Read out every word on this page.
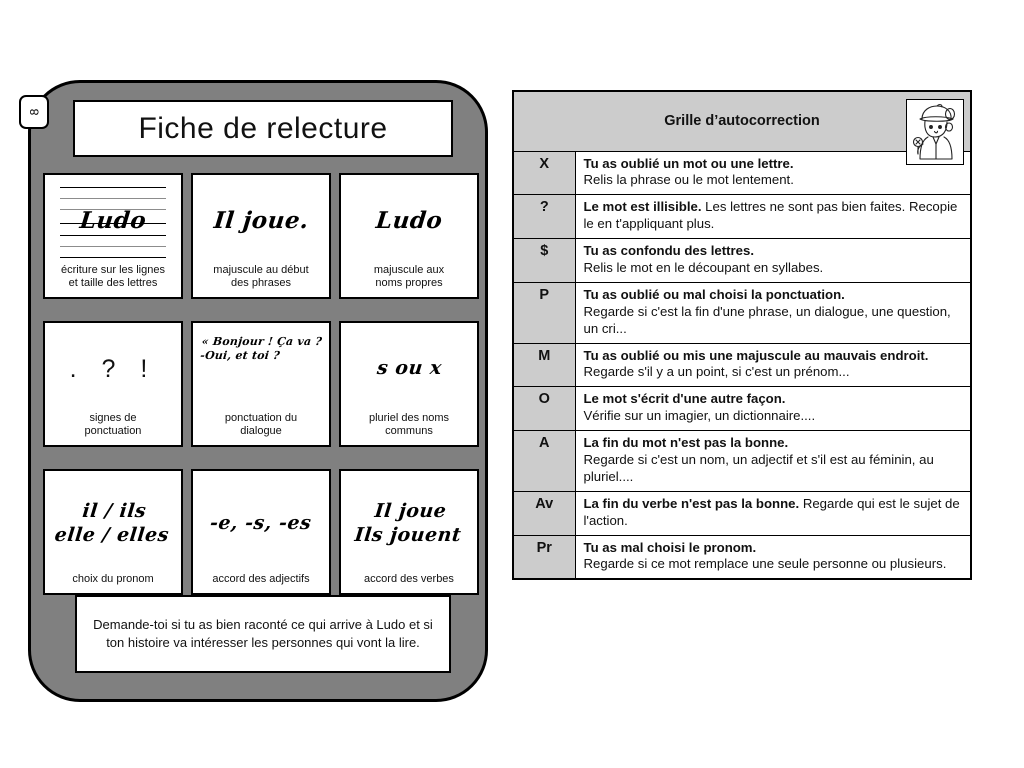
8	Fiche de relecture
Ludo
écriture sur les lignes
et taille des lettres
Il joue.
majuscule au début
des phrases
Ludo
majuscule aux
noms propres
. ? !
signes de
ponctuation
« Bonjour ! Ça va ?
-Oui, et toi ?
ponctuation du
dialogue
s ou x
pluriel des noms
communs
il / ils
elle / elles
choix du pronom
-e, -s, -es
accord des adjectifs
Il joue
Ils jouent
accord des verbes
Demande-toi si tu as bien raconté ce qui arrive à Ludo et si ton histoire va intéresser les personnes qui vont la lire.
Grille d’autocorrection	

X	Tu as oublié un mot ou une lettre.
Relis la phrase ou le mot lentement.

?	Le mot est illisible. Les lettres ne sont pas bien faites. Recopie le en t'appliquant plus.
$	Tu as confondu des lettres.
Relis le mot en le découpant en syllabes.

P	Tu as oublié ou mal choisi la ponctuation.
Regarde si c'est la fin d'une phrase, un dialogue, une question, un cri...

M	Tu as oublié ou mis une majuscule au mauvais endroit.
Regarde s'il y a un point, si c'est un prénom...

O	Le mot s'écrit d'une autre façon.
Vérifie sur un imagier, un dictionnaire....

A	La fin du mot n'est pas la bonne.
Regarde si c'est un nom, un adjectif et s'il est au féminin, au pluriel....

Av	La fin du verbe n'est pas la bonne. Regarde qui est le sujet de l'action.
Pr	Tu as mal choisi le pronom.
Regarde si ce mot remplace une seule personne ou plusieurs.
